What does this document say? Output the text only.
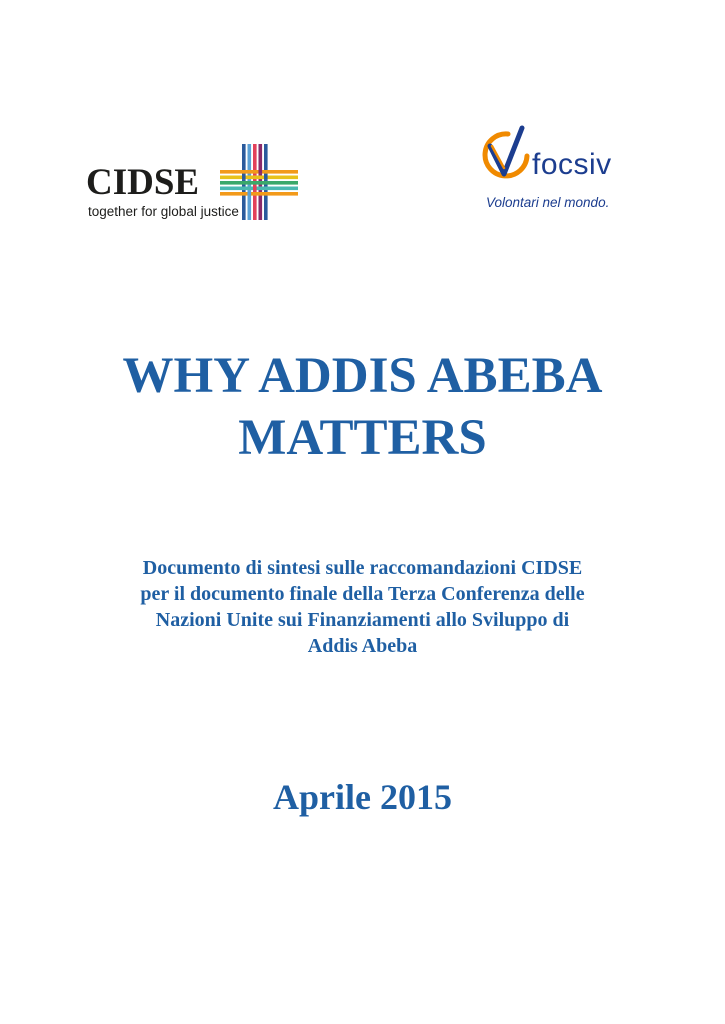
CIDSE
together for global justice
focsiv
Volontari nel mondo.
WHY ADDIS ABEBA
MATTERS

Documento di sintesi sulle raccomandazioni CIDSE
per il documento finale della Terza Conferenza delle
Nazioni Unite sui Finanziamenti allo Sviluppo di
Addis Abeba

Aprile 2015
